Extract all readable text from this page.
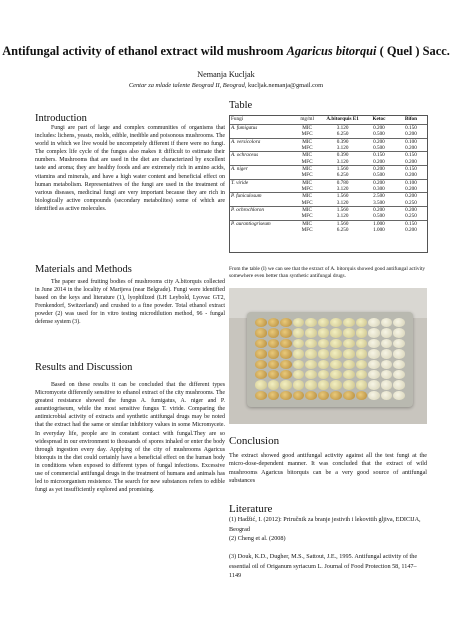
Antifungal activity of ethanol extract wild mushroom Agaricus bitorqui ( Quel ) Sacc.
Nemanja Kucljak
Centar za mlade talente Beograd II, Beograd, kucljak.nemanja@gmail.com
Introduction

Fungi are part of large and complex communities of organisms that includes: lichens, yeasts, molds, edible, inedible and poisonous mushrooms. The world in which we live would be uncompetely different if there were no fungi. The complex life cycle of the fungus also makes it difficult to estimate their numbers. Mushrooms that are used in the diet are characterized by excellent taste and aroma; they are healthy foods and are extremely rich in amino acids, vitamins and minerals, and have a high water content and beneficial effect on human metabolism. Representatives of the fungi are used in the treatment of various diseases, medicinal fungi are very important because they are rich in biologically active compounds (secondary metabolites) some of which are identified as active molecules.

Materials and Methods

The paper used fruiting bodies of mushrooms city A.bitorquis collected in June 2014 in the locality of Marijeva (near Belgrade). Fungi were identified based on the keys and literature (1), lyophilized (LH Leybold, Lyovac GT2, Frenkendorf, Switzerland) and crushed to a fine powder. Total ethanol extract powder (2) was used for in vitro testing microdilution method, 96 - fungal defense system (3).

Results and Discussion

Based on these results it can be concluded that the different types Micromycete differently sensitive to ethanol extract of the city mushrooms. The greatest resistance showed the fungus A. fumigatus, A. niger and P. aurantiogriseum, while the most sensitive fungus T. viride. Comparing the antimicrobial activity of extracts and synthetic antifungal drugs may be noted that the extract had the same or similar inhibitory values in some Micromycete. In everyday life, people are in constant contact with fungal.They are so widespread in our environment to thousands of spores inhaled or enter the body through ingestion every day. Applying of the city of mushrooms Agaricus bitorquis in the diet could certainly have a beneficial effect on the human body in conditions when exposed to different types of fungal infections. Excessive use of commercial antifungal drugs in the treatment of humans and animals has led to microorganism resistence. The search for new substances refers to edible fungi as yet insufficiently explored and promising.

Table
Fungi	mg/ml	A.bitorquis E1	Ketoc	Bifon
A. fumigatus	MIC	3.120	0.200	0.150
	MFC	6.250	0.500	0.200
A. versicolora	MIC	0.390	0.200	0.100
	MFC	3.120	0.500	0.200
A. ochraceus	MIC	0.390	0.150	0.150
	MFC	3.120	0.200	0.200
A. niger	MIC	1.560	0.200	0.150
	MFC	6.250	0.500	0.200
T. viride	MIC	0.780	0.200	0.100
	MFC	3.120	0.300	0.200
P. funiculosum	MIC	1.560	2.500	0.200
	MFC	3.120	3.500	0.250
P. ochrochloron	MIC	1.560	0.200	0.200
	MFC	3.120	0.500	0.250
P. aurantiogriseum	MIC	1.560	1.000	0.150
	MFC	6.250	1.000	0.200

From the table (I) we can see that the extract of A. bitorquis showed good antifungal activity somewhere even better than synthetic antifungal drugs.

Conclusion

The extract showed good antifungal activity against all the test fungi at the micro-dose-dependent manner. It was concluded that the extract of wild mushrooms Agaricus bitorquis can be a very good source of antifungal substances

Literature
(1) Hadžić, I. (2012): Priručnik za branje jestivih i lekovitih gljiva, EDICIJA, Beograd
(2) Cheng et al. (2008)
(3) Douk, K.D., Dugher, M.S., Sattout, J.E., 1995. Antifungal activity of the essential oil of Origanum syriacum L. Journal of Food Protection 58, 1147–1149
